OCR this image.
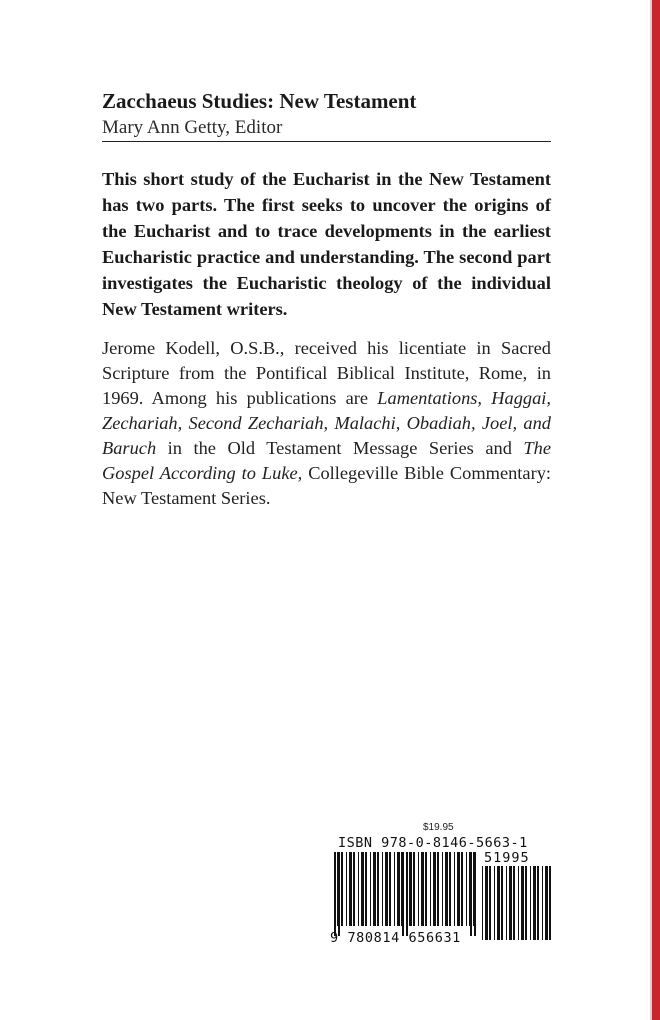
Zacchaeus Studies: New Testament

Mary Ann Getty, Editor

This short study of the Eucharist in the New Testament has two parts. The first seeks to uncover the origins of the Eucharist and to trace developments in the earliest Eucharistic practice and understanding. The second part investigates the Eucharistic theology of the individual New Testament writers.

Jerome Kodell, O.S.B., received his licentiate in Sacred Scripture from the Pontifical Biblical Institute, Rome, in 1969. Among his publications are Lamentations, Haggai, Zechariah, Second Zechariah, Malachi, Obadiah, Joel, and Baruch in the Old Testament Message Series and The Gospel According to Luke, Collegeville Bible Commentary: New Testament Series.

$19.95
ISBN 978-0-8146-5663-1
51995
9 780814 656631
